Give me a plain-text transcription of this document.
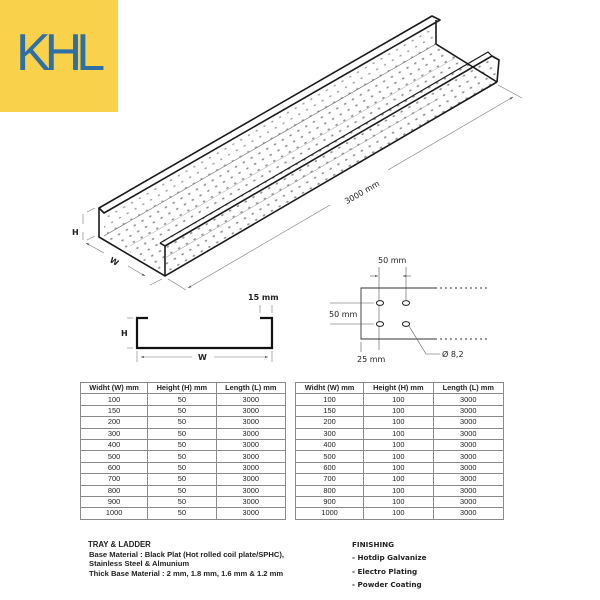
KHL
3000 mm
H
W
15 mm
H
W
50 mm
50 mm
25 mm
Ø 8,2
Widht (W) mm	Height (H) mm	Length (L) mm
100	50	3000
150	50	3000
200	50	3000
300	50	3000
400	50	3000
500	50	3000
600	50	3000
700	50	3000
800	50	3000
900	50	3000
1000	50	3000
Widht (W) mm	Height (H) mm	Length (L) mm
100	100	3000
150	100	3000
200	100	3000
300	100	3000
400	100	3000
500	100	3000
600	100	3000
700	100	3000
800	100	3000
900	100	3000
1000	100	3000
TRAY & LADDER
Base Material : Black Plat (Hot rolled coil plate/SPHC),
Stainless Steel & Almunium
Thick Base Material : 2 mm, 1.8 mm, 1.6 mm & 1.2 mm
FINISHING
- Hotdip Galvanize
- Electro Plating
- Powder Coating
